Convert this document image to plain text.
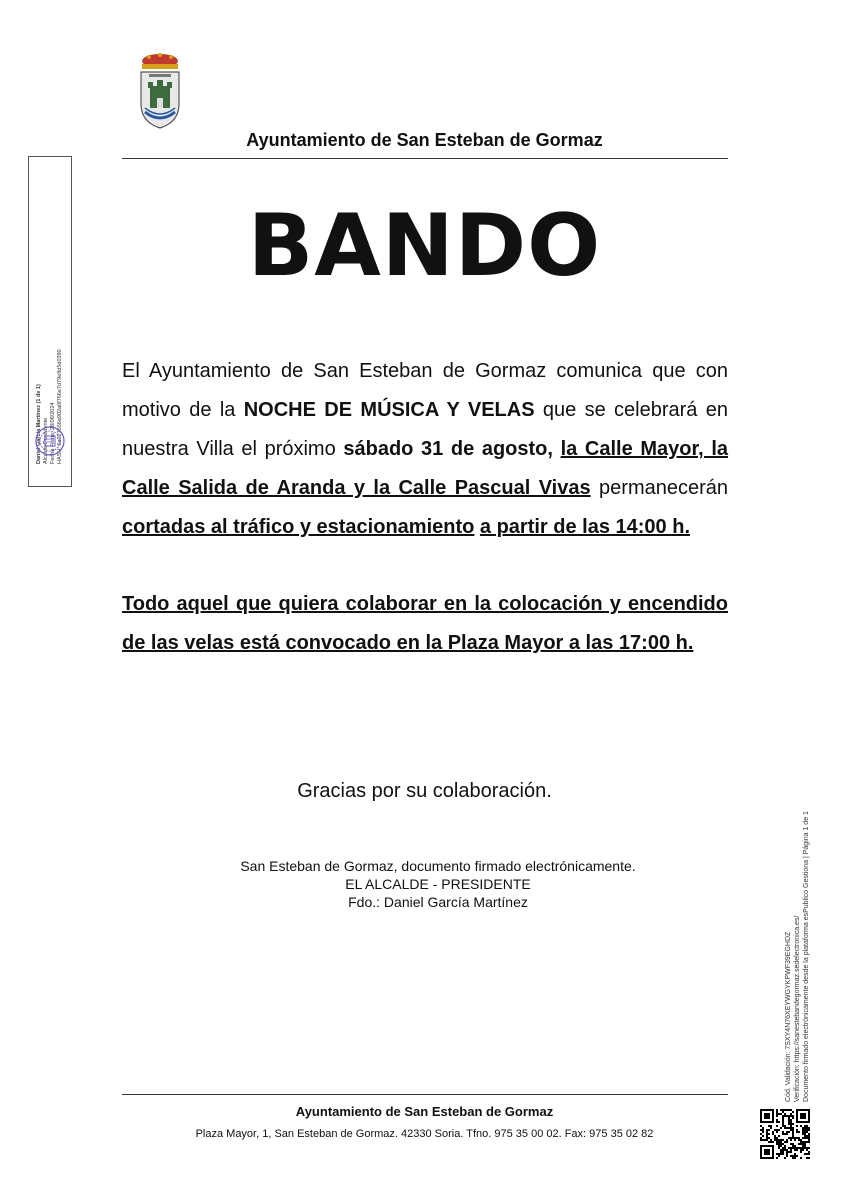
Ayuntamiento de San Esteban de Gormaz
BANDO

El Ayuntamiento de San Esteban de Gormaz comunica que con motivo de la NOCHE DE MÚSICA Y VELAS que se celebrará en nuestra Villa el próximo sábado 31 de agosto, la Calle Mayor, la Calle Salida de Aranda y la Calle Pascual Vivas permanecerán cortadas al tráfico y estacionamiento a partir de las 14:00 h.

Todo aquel que quiera colaborar en la colocación y encendido de las velas está convocado en la Plaza Mayor a las 17:00 h.

Gracias por su colaboración.
San Esteban de Gormaz, documento firmado electrónicamente.
EL ALCALDE - PRESIDENTE
Fdo.: Daniel García Martínez
Ayuntamiento de San Esteban de Gormaz
Plaza Mayor, 1, San Esteban de Gormaz. 42330 Soria. Tfno. 975 35 00 02. Fax: 975 35 02 82
Daniel García Martínez (1 de 1) Alcalde-Presidente Fecha Firma: 28/08/2024 HASH: 6a027656a902a0f766e7d79e8d5d0390
Cód. Validación: 7SXY4N76XEYWGYKPWF39EGHDZ Verificación: https://sanestebandegormaz.sedelectronica.es/ Documento firmado electrónicamente desde la plataforma esPublico Gestiona | Página 1 de 1
